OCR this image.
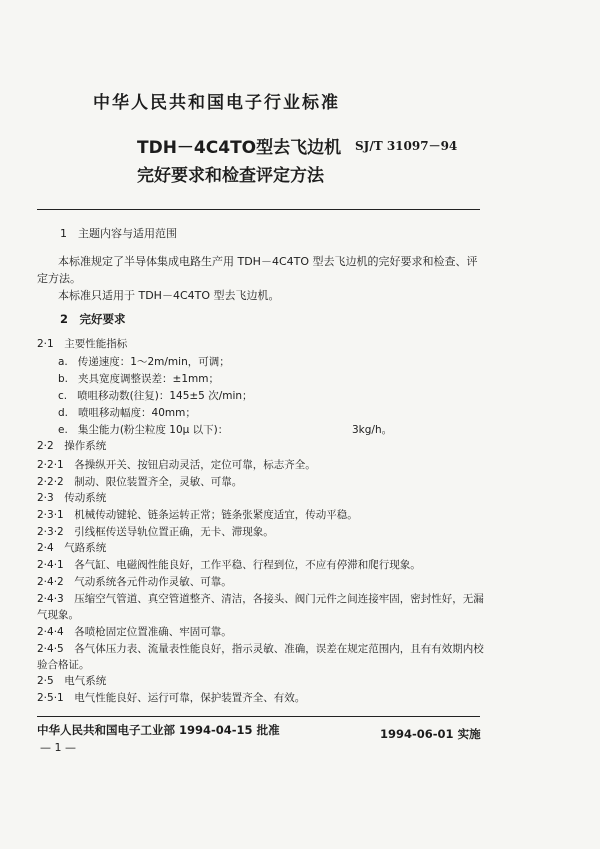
中华人民共和国电子行业标准
TDH－4C4TO型去飞边机 SJ/T 31097－94
完好要求和检查评定方法
1　主题内容与适用范围
本标准规定了半导体集成电路生产用 TDH－4C4TO 型去飞边机的完好要求和检查、评
定方法。
本标准只适用于 TDH－4C4TO 型去飞边机。
2　完好要求
2·1　主要性能指标
a. 传递速度：1～2m/min，可调；
b. 夹具宽度调整误差：±1mm；
c. 喷咀移动数(往复)：145±5 次/min；
d. 喷咀移动幅度：40mm；
e. 集尘能力(粉尘粒度 10μ 以下)：	3kg/h。
2·2　操作系统
2·2·1　各操纵开关、按钮启动灵活，定位可靠，标志齐全。
2·2·2　制动、限位装置齐全，灵敏、可靠。
2·3　传动系统
2·3·1　机械传动键轮、链条运转正常；链条张紧度适宜，传动平稳。
2·3·2　引线框传送导轨位置正确，无卡、滞现象。
2·4　气路系统
2·4·1　各气缸、电磁阀性能良好，工作平稳、行程到位，不应有停滞和爬行现象。
2·4·2　气动系统各元件动作灵敏、可靠。
2·4·3　压缩空气管道、真空管道整齐、清洁，各接头、阀门元件之间连接牢固，密封性好，无漏
气现象。
2·4·4　各喷枪固定位置准确、牢固可靠。
2·4·5　各气体压力表、流量表性能良好，指示灵敏、准确，误差在规定范围内，且有有效期内校
验合格证。
2·5　电气系统
2·5·1　电气性能良好、运行可靠，保护装置齐全、有效。
中华人民共和国电子工业部 1994-04-15 批准	1994-06-01 实施
— 1 —
